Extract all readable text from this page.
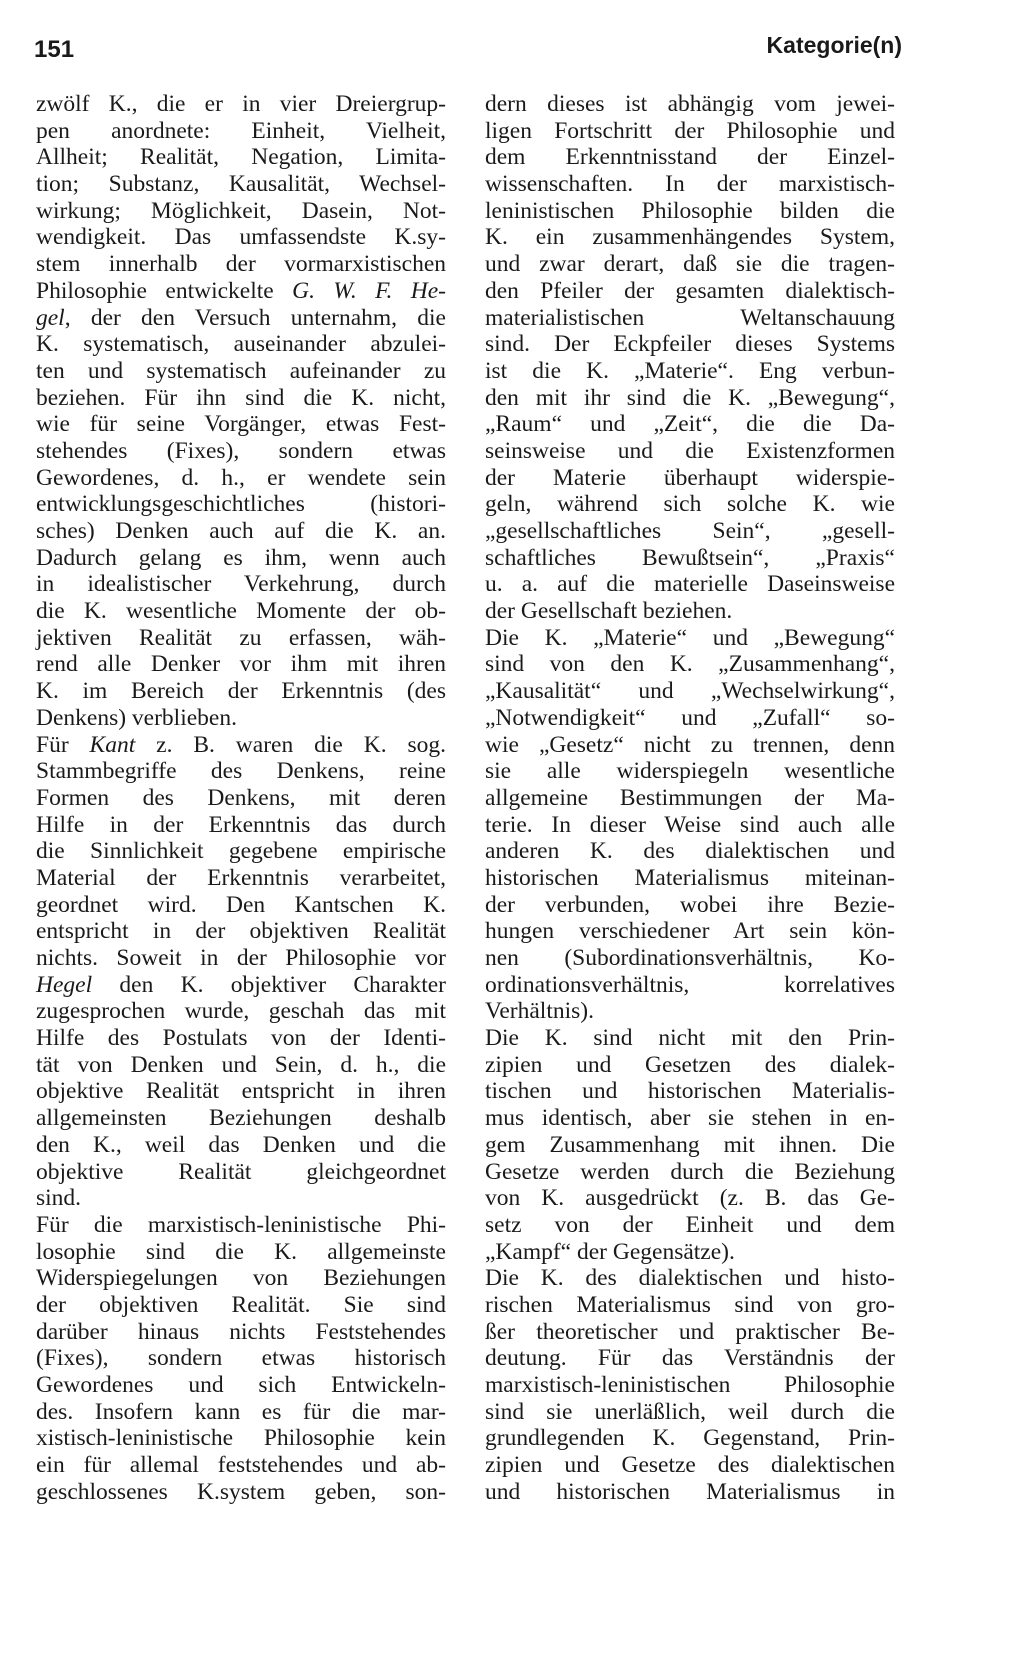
151	Kategorie(n)
zwölf K., die er in vier Dreiergrup-
pen anordnete: Einheit, Vielheit,
Allheit; Realität, Negation, Limita-
tion; Substanz, Kausalität, Wechsel-
wirkung; Möglichkeit, Dasein, Not-
wendigkeit. Das umfassendste K.sy-
stem innerhalb der vormarxistischen
Philosophie entwickelte G. W. F. He-
gel, der den Versuch unternahm, die
K. systematisch, auseinander abzulei-
ten und systematisch aufeinander zu
beziehen. Für ihn sind die K. nicht,
wie für seine Vorgänger, etwas Fest-
stehendes (Fixes), sondern etwas
Gewordenes, d. h., er wendete sein
entwicklungsgeschichtliches (histori-
sches) Denken auch auf die K. an.
Dadurch gelang es ihm, wenn auch
in idealistischer Verkehrung, durch
die K. wesentliche Momente der ob-
jektiven Realität zu erfassen, wäh-
rend alle Denker vor ihm mit ihren
K. im Bereich der Erkenntnis (des
Denkens) verblieben.
Für Kant z. B. waren die K. sog.
Stammbegriffe des Denkens, reine
Formen des Denkens, mit deren
Hilfe in der Erkenntnis das durch
die Sinnlichkeit gegebene empirische
Material der Erkenntnis verarbeitet,
geordnet wird. Den Kantschen K.
entspricht in der objektiven Realität
nichts. Soweit in der Philosophie vor
Hegel den K. objektiver Charakter
zugesprochen wurde, geschah das mit
Hilfe des Postulats von der Identi-
tät von Denken und Sein, d. h., die
objektive Realität entspricht in ihren
allgemeinsten Beziehungen deshalb
den K., weil das Denken und die
objektive Realität gleichgeordnet
sind.
Für die marxistisch-leninistische Phi-
losophie sind die K. allgemeinste
Widerspiegelungen von Beziehungen
der objektiven Realität. Sie sind
darüber hinaus nichts Feststehendes
(Fixes), sondern etwas historisch
Gewordenes und sich Entwickeln-
des. Insofern kann es für die mar-
xistisch-leninistische Philosophie kein
ein für allemal feststehendes und ab-
geschlossenes K.system geben, son-
dern dieses ist abhängig vom jewei-
ligen Fortschritt der Philosophie und
dem Erkenntnisstand der Einzel-
wissenschaften. In der marxistisch-
leninistischen Philosophie bilden die
K. ein zusammenhängendes System,
und zwar derart, daß sie die tragen-
den Pfeiler der gesamten dialektisch-
materialistischen Weltanschauung
sind. Der Eckpfeiler dieses Systems
ist die K. „Materie“. Eng verbun-
den mit ihr sind die K. „Bewegung“,
„Raum“ und „Zeit“, die die Da-
seinsweise und die Existenzformen
der Materie überhaupt widerspie-
geln, während sich solche K. wie
„gesellschaftliches Sein“, „gesell-
schaftliches Bewußtsein“, „Praxis“
u. a. auf die materielle Daseinsweise
der Gesellschaft beziehen.
Die K. „Materie“ und „Bewegung“
sind von den K. „Zusammenhang“,
„Kausalität“ und „Wechselwirkung“,
„Notwendigkeit“ und „Zufall“ so-
wie „Gesetz“ nicht zu trennen, denn
sie alle widerspiegeln wesentliche
allgemeine Bestimmungen der Ma-
terie. In dieser Weise sind auch alle
anderen K. des dialektischen und
historischen Materialismus miteinan-
der verbunden, wobei ihre Bezie-
hungen verschiedener Art sein kön-
nen (Subordinationsverhältnis, Ko-
ordinationsverhältnis, korrelatives
Verhältnis).
Die K. sind nicht mit den Prin-
zipien und Gesetzen des dialek-
tischen und historischen Materialis-
mus identisch, aber sie stehen in en-
gem Zusammenhang mit ihnen. Die
Gesetze werden durch die Beziehung
von K. ausgedrückt (z. B. das Ge-
setz von der Einheit und dem
„Kampf“ der Gegensätze).
Die K. des dialektischen und histo-
rischen Materialismus sind von gro-
ßer theoretischer und praktischer Be-
deutung. Für das Verständnis der
marxistisch-leninistischen Philosophie
sind sie unerläßlich, weil durch die
grundlegenden K. Gegenstand, Prin-
zipien und Gesetze des dialektischen
und historischen Materialismus in
